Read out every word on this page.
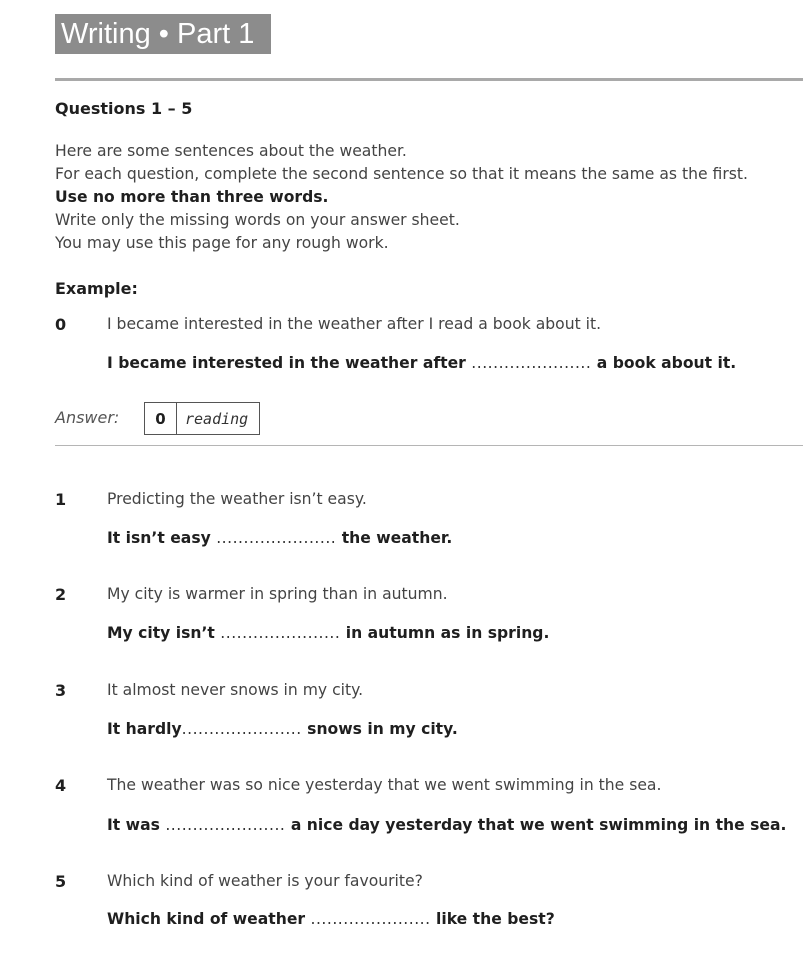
Writing • Part 1
Questions 1 – 5
Here are some sentences about the weather.
For each question, complete the second sentence so that it means the same as the first.
Use no more than three words.
Write only the missing words on your answer sheet.
You may use this page for any rough work.
Example:
0	I became interested in the weather after I read a book about it.
I became interested in the weather after ...................... a book about it.
Answer:	0	reading
1	Predicting the weather isn’t easy.
It isn’t easy ...................... the weather.
2	My city is warmer in spring than in autumn.
My city isn’t ...................... in autumn as in spring.
3	It almost never snows in my city.
It hardly...................... snows in my city.
4	The weather was so nice yesterday that we went swimming in the sea.
It was ...................... a nice day yesterday that we went swimming in the sea.
5	Which kind of weather is your favourite?
Which kind of weather ...................... like the best?
